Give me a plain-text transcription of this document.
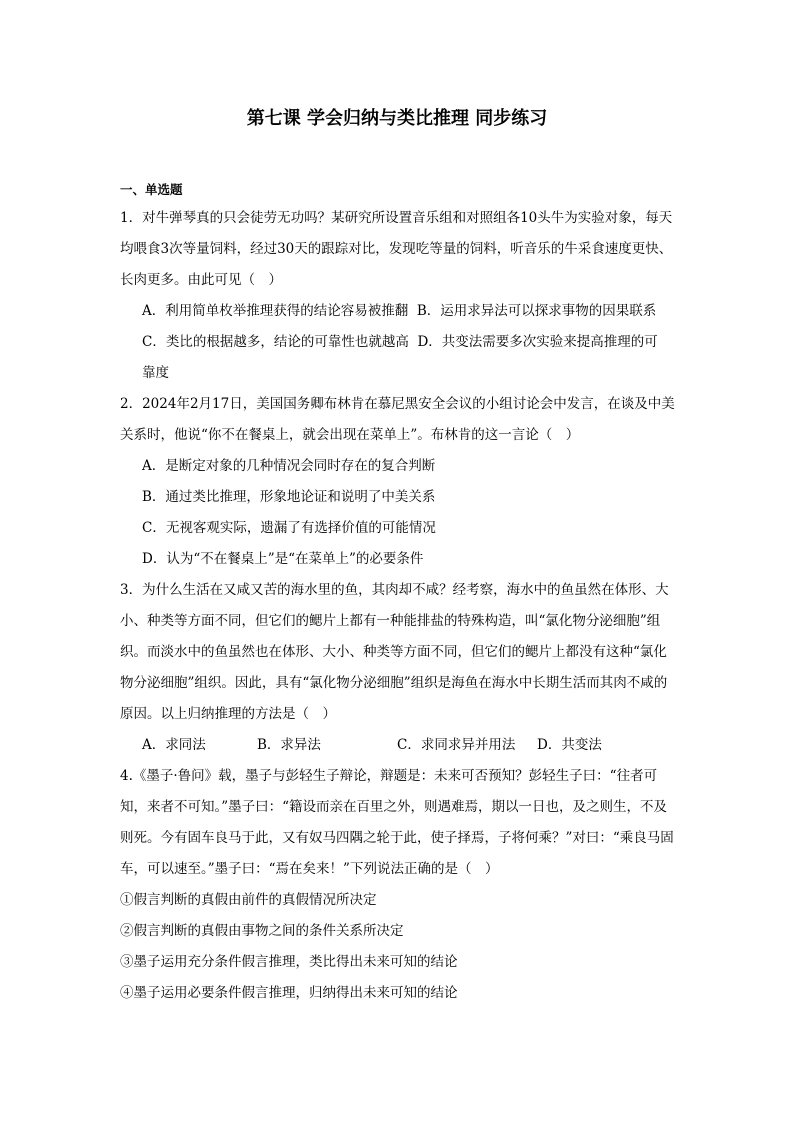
第七课 学会归纳与类比推理 同步练习
一、单选题

1．对牛弹琴真的只会徒劳无功吗？某研究所设置音乐组和对照组各10头牛为实验对象，每天均喂食3次等量饲料，经过30天的跟踪对比，发现吃等量的饲料，听音乐的牛采食速度更快、长肉更多。由此可见（　）

A．利用简单枚举推理获得的结论容易被推翻 B．运用求异法可以探求事物的因果联系

C．类比的根据越多，结论的可靠性也就越高 D．共变法需要多次实验来提高推理的可

靠度

2．2024年2月17日，美国国务卿布林肯在慕尼黑安全会议的小组讨论会中发言，在谈及中美关系时，他说“你不在餐桌上，就会出现在菜单上”。布林肯的这一言论（　）

A．是断定对象的几种情况会同时存在的复合判断

B．通过类比推理，形象地论证和说明了中美关系

C．无视客观实际，遗漏了有选择价值的可能情况

D．认为“不在餐桌上”是“在菜单上”的必要条件

3．为什么生活在又咸又苦的海水里的鱼，其肉却不咸？经考察，海水中的鱼虽然在体形、大小、种类等方面不同，但它们的鳃片上都有一种能排盐的特殊构造，叫“氯化物分泌细胞”组织。而淡水中的鱼虽然也在体形、大小、种类等方面不同，但它们的鳃片上都没有这种“氯化物分泌细胞”组织。因此，具有“氯化物分泌细胞”组织是海鱼在海水中长期生活而其肉不咸的原因。以上归纳推理的方法是（　）

A．求同法	B．求异法	C．求同求异并用法	D．共变法

4.《墨子·鲁问》载，墨子与彭轻生子辩论，辩题是：未来可否预知？彭轻生子曰：“往者可知，来者不可知。”墨子曰：“籍设而亲在百里之外，则遇难焉，期以一日也，及之则生，不及则死。今有固车良马于此，又有奴马四隅之轮于此，使子择焉，子将何乘？”对曰：“乘良马固车，可以速至。”墨子曰：“焉在矣来！”下列说法正确的是（　）

①假言判断的真假由前件的真假情况所决定

②假言判断的真假由事物之间的条件关系所决定

③墨子运用充分条件假言推理，类比得出未来可知的结论

④墨子运用必要条件假言推理，归纳得出未来可知的结论
